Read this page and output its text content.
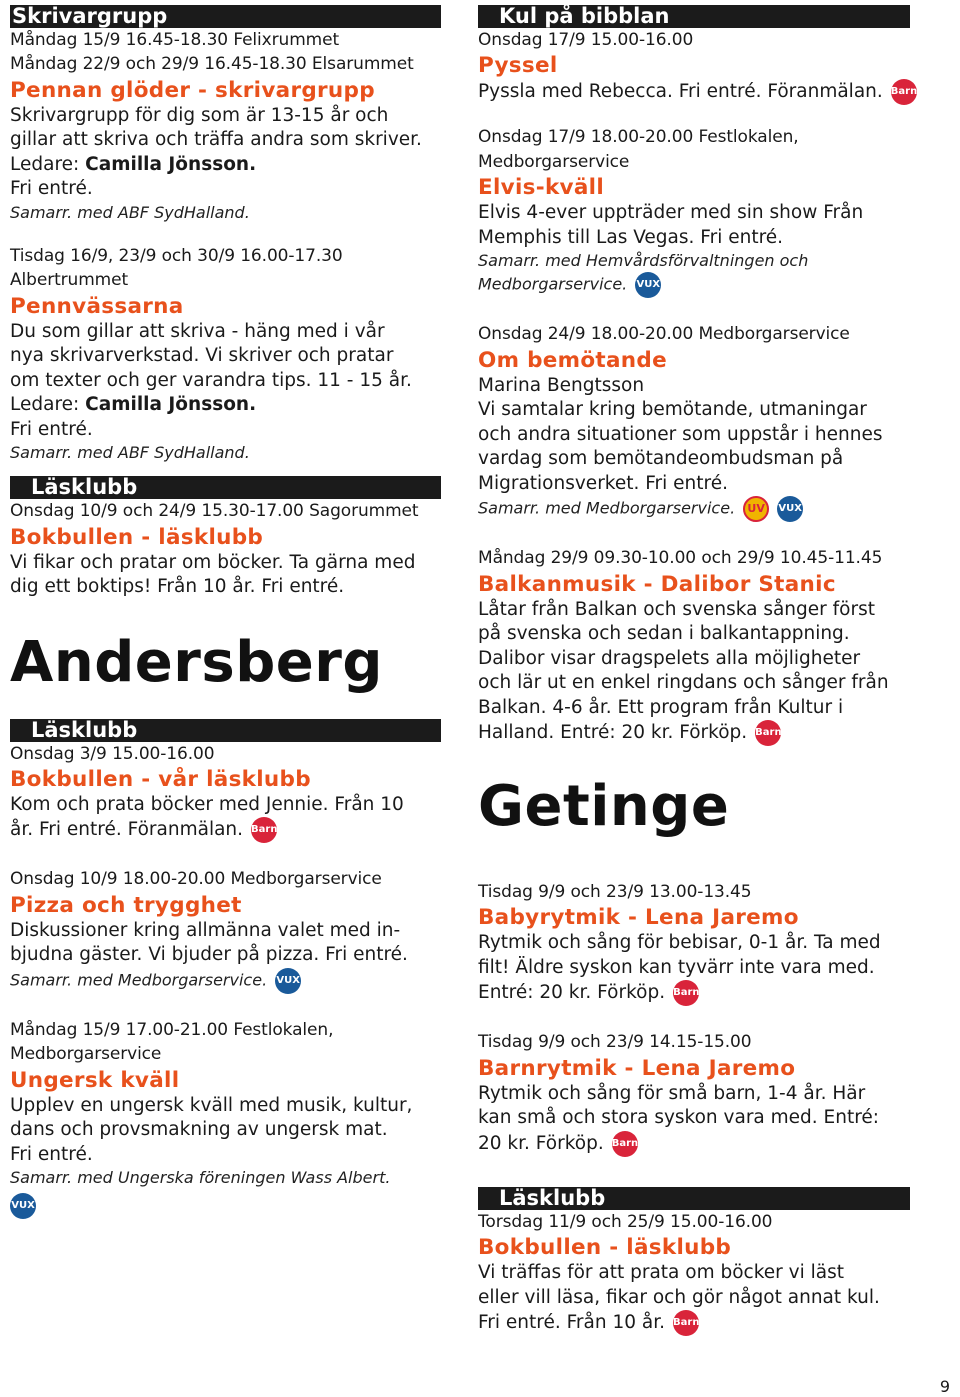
Skrivargrupp
Måndag 15/9 16.45-18.30 Felixrummet
Måndag 22/9 och 29/9 16.45-18.30 Elsarummet
Pennan glöder - skrivargrupp
Skrivargrupp för dig som är 13-15 år och
gillar att skriva och träffa andra som skriver.
Ledare: Camilla Jönsson.
Fri entré.
Samarr. med ABF SydHalland.
Tisdag 16/9, 23/9 och 30/9 16.00-17.30
Albertrummet
Pennvässarna
Du som gillar att skriva - häng med i vår
nya skrivarverkstad. Vi skriver och pratar
om texter och ger varandra tips. 11 - 15 år.
Ledare: Camilla Jönsson.
Fri entré.
Samarr. med ABF SydHalland.
Läsklubb
Onsdag 10/9 och 24/9 15.30-17.00 Sagorummet
Bokbullen - läsklubb
Vi fikar och pratar om böcker. Ta gärna med
dig ett boktips! Från 10 år. Fri entré.
Andersberg
Läsklubb
Onsdag 3/9 15.00-16.00
Bokbullen - vår läsklubb
Kom och prata böcker med Jennie. Från 10
år. Fri entré. Föranmälan. Barn
Onsdag 10/9 18.00-20.00 Medborgarservice
Pizza och trygghet
Diskussioner kring allmänna valet med in-
bjudna gäster. Vi bjuder på pizza. Fri entré.
Samarr. med Medborgarservice. VUX
Måndag 15/9 17.00-21.00 Festlokalen,
Medborgarservice
Ungersk kväll
Upplev en ungersk kväll med musik, kultur,
dans och provsmakning av ungersk mat.
Fri entré.
Samarr. med Ungerska föreningen Wass Albert.
VUX
Kul på bibblan
Onsdag 17/9 15.00-16.00
Pyssel
Pyssla med Rebecca. Fri entré. Föranmälan. Barn
Onsdag 17/9 18.00-20.00 Festlokalen,
Medborgarservice
Elvis-kväll
Elvis 4-ever uppträder med sin show Från
Memphis till Las Vegas. Fri entré.
Samarr. med Hemvårdsförvaltningen och
Medborgarservice. VUX
Onsdag 24/9 18.00-20.00 Medborgarservice
Om bemötande
Marina Bengtsson
Vi samtalar kring bemötande, utmaningar
och andra situationer som uppstår i hennes
vardag som bemötandeombudsman på
Migrationsverket. Fri entré.
Samarr. med Medborgarservice. UV VUX
Måndag 29/9 09.30-10.00 och 29/9 10.45-11.45
Balkanmusik - Dalibor Stanic
Låtar från Balkan och svenska sånger först
på svenska och sedan i balkantappning.
Dalibor visar dragspelets alla möjligheter
och lär ut en enkel ringdans och sånger från
Balkan. 4-6 år. Ett program från Kultur i
Halland. Entré: 20 kr. Förköp. Barn
Getinge
Tisdag 9/9 och 23/9 13.00-13.45
Babyrytmik - Lena Jaremo
Rytmik och sång för bebisar, 0-1 år. Ta med
filt! Äldre syskon kan tyvärr inte vara med.
Entré: 20 kr. Förköp. Barn
Tisdag 9/9 och 23/9 14.15-15.00
Barnrytmik - Lena Jaremo
Rytmik och sång för små barn, 1-4 år. Här
kan små och stora syskon vara med. Entré:
20 kr. Förköp. Barn
Läsklubb
Torsdag 11/9 och 25/9 15.00-16.00
Bokbullen - läsklubb
Vi träffas för att prata om böcker vi läst
eller vill läsa, fikar och gör något annat kul.
Fri entré. Från 10 år. Barn
9
